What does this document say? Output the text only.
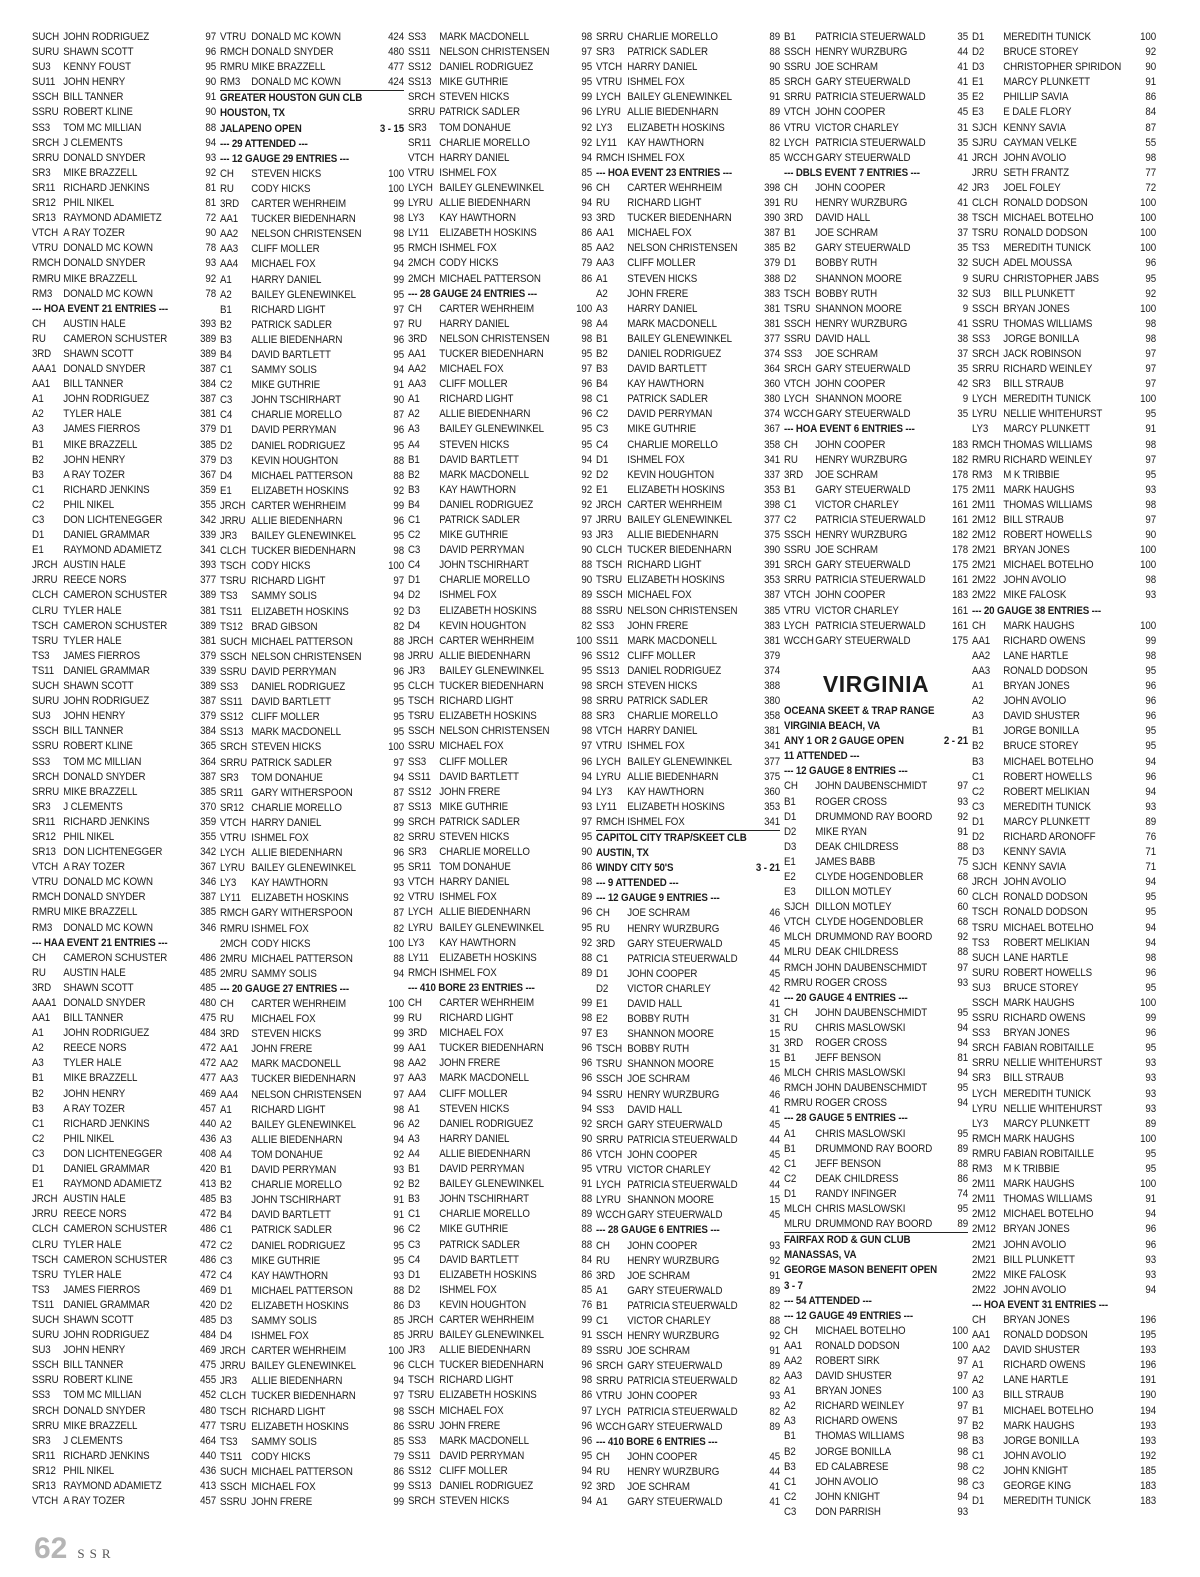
SUCH JOHN RODRIGUEZ	97
SURU SHAWN SCOTT	96
SU3	KENNY FOUST	95
SU11 JOHN HENRY	90
SSCH BILL TANNER	91
SSRU ROBERT KLINE	90
SS3	TOM MC MILLIAN	88
SRCH J CLEMENTS	94
SRRU DONALD SNYDER	93
SR3	MIKE BRAZZELL	92
SR11 RICHARD JENKINS	81
SR12 PHIL NIKEL	81
SR13 RAYMOND ADAMIETZ	72
VTCH A RAY TOZER	90
VTRU DONALD MC KOWN	78
RMCH DONALD SNYDER	93
RMRU MIKE BRAZZELL	92
RM3	DONALD MC KOWN	78
--- HOA EVENT 21 ENTRIES ---
CH	AUSTIN HALE	393
RU	CAMERON SCHUSTER	389
3RD	SHAWN SCOTT	389
AAA1 DONALD SNYDER	387
AA1	BILL TANNER	384
A1	JOHN RODRIGUEZ	387
A2	TYLER HALE	381
A3	JAMES FIERROS	379
B1	MIKE BRAZZELL	385
B2	JOHN HENRY	379
B3	A RAY TOZER	367
C1	RICHARD JENKINS	359
C2	PHIL NIKEL	355
C3	DON LICHTENEGGER	342
D1	DANIEL GRAMMAR	339
E1	RAYMOND ADAMIETZ	341
JRCH AUSTIN HALE	393
JRRU REECE NORS	377
CLCH CAMERON SCHUSTER	389
CLRU TYLER HALE	381
TSCH CAMERON SCHUSTER	389
TSRU TYLER HALE	381
TS3	JAMES FIERROS	379
TS11 DANIEL GRAMMAR	339
SUCH SHAWN SCOTT	389
SURU JOHN RODRIGUEZ	387
SU3	JOHN HENRY	379
SSCH BILL TANNER	384
SSRU ROBERT KLINE	365
SS3	TOM MC MILLIAN	364
SRCH DONALD SNYDER	387
SRRU MIKE BRAZZELL	385
SR3	J CLEMENTS	370
SR11 RICHARD JENKINS	359
SR12 PHIL NIKEL	355
SR13 DON LICHTENEGGER	342
VTCH A RAY TOZER	367
VTRU DONALD MC KOWN	346
RMCH DONALD SNYDER	387
RMRU MIKE BRAZZELL	385
RM3	DONALD MC KOWN	346
--- HAA EVENT 21 ENTRIES ---
CH	CAMERON SCHUSTER	486
RU	AUSTIN HALE	485
3RD	SHAWN SCOTT	485
AAA1 DONALD SNYDER	480
AA1	BILL TANNER	475
A1	JOHN RODRIGUEZ	484
A2	REECE NORS	472
A3	TYLER HALE	472
B1	MIKE BRAZZELL	477
B2	JOHN HENRY	469
B3	A RAY TOZER	457
C1	RICHARD JENKINS	440
C2	PHIL NIKEL	436
C3	DON LICHTENEGGER	408
D1	DANIEL GRAMMAR	420
E1	RAYMOND ADAMIETZ	413
JRCH AUSTIN HALE	485
JRRU REECE NORS	472
CLCH CAMERON SCHUSTER	486
CLRU TYLER HALE	472
TSCH CAMERON SCHUSTER	486
TSRU TYLER HALE	472
TS3	JAMES FIERROS	469
TS11 DANIEL GRAMMAR	420
SUCH SHAWN SCOTT	485
SURU JOHN RODRIGUEZ	484
SU3	JOHN HENRY	469
SSCH BILL TANNER	475
SSRU ROBERT KLINE	455
SS3	TOM MC MILLIAN	452
SRCH DONALD SNYDER	480
SRRU MIKE BRAZZELL	477
SR3	J CLEMENTS	464
SR11 RICHARD JENKINS	440
SR12 PHIL NIKEL	436
SR13 RAYMOND ADAMIETZ	413
VTCH A RAY TOZER	457
VTRU DONALD MC KOWN	424
RMCH DONALD SNYDER	480
RMRU MIKE BRAZZELL	477
RM3	DONALD MC KOWN	424
GREATER HOUSTON GUN CLB
HOUSTON, TX
JALAPENO OPEN	3 - 15
--- 29 ATTENDED ---
--- 12 GAUGE 29 ENTRIES ---
CH	STEVEN HICKS	100
RU	CODY HICKS	100
3RD	CARTER WEHRHEIM	99
AA1	TUCKER BIEDENHARN	98
AA2	NELSON CHRISTENSEN	98
AA3	CLIFF MOLLER	95
AA4	MICHAEL FOX	94
A1	HARRY DANIEL	99
A2	BAILEY GLENEWINKEL	95
B1	RICHARD LIGHT	97
B2	PATRICK SADLER	97
B3	ALLIE BIEDENHARN	96
B4	DAVID BARTLETT	95
C1	SAMMY SOLIS	94
C2	MIKE GUTHRIE	91
C3	JOHN TSCHIRHART	90
C4	CHARLIE MORELLO	87
D1	DAVID PERRYMAN	96
D2	DANIEL RODRIGUEZ	95
D3	KEVIN HOUGHTON	88
D4	MICHAEL PATTERSON	88
E1	ELIZABETH HOSKINS	92
JRCH CARTER WEHRHEIM	99
JRRU ALLIE BIEDENHARN	96
JR3	BAILEY GLENEWINKEL	95
CLCH TUCKER BIEDENHARN	98
TSCH CODY HICKS	100
TSRU RICHARD LIGHT	97
TS3	SAMMY SOLIS	94
TS11 ELIZABETH HOSKINS	92
TS12 BRAD GIBSON	82
SUCH MICHAEL PATTERSON	88
SSCH NELSON CHRISTENSEN	98
SSRU DAVID PERRYMAN	96
SS3	DANIEL RODRIGUEZ	95
SS11 DAVID BARTLETT	95
SS12 CLIFF MOLLER	95
SS13 MARK MACDONELL	95
SRCH STEVEN HICKS	100
SRRU PATRICK SADLER	97
SR3	TOM DONAHUE	94
SR11 GARY WITHERSPOON	87
SR12 CHARLIE MORELLO	87
VTCH HARRY DANIEL	99
VTRU ISHMEL FOX	82
LYCH ALLIE BIEDENHARN	96
LYRU BAILEY GLENEWINKEL	95
LY3	KAY HAWTHORN	93
LY11 ELIZABETH HOSKINS	92
RMCH GARY WITHERSPOON	87
RMRU ISHMEL FOX	82
2MCH CODY HICKS	100
2MRU MICHAEL PATTERSON	88
2MRU SAMMY SOLIS	94
--- 20 GAUGE 27 ENTRIES ---
CH	CARTER WEHRHEIM	100
RU	MICHAEL FOX	99
3RD	STEVEN HICKS	99
AA1	JOHN FRERE	99
AA2	MARK MACDONELL	98
AA3	TUCKER BIEDENHARN	97
AA4	NELSON CHRISTENSEN	97
A1	RICHARD LIGHT	98
A2	BAILEY GLENEWINKEL	96
A3	ALLIE BIEDENHARN	94
A4	TOM DONAHUE	92
B1	DAVID PERRYMAN	93
B2	CHARLIE MORELLO	92
B3	JOHN TSCHIRHART	91
B4	DAVID BARTLETT	91
C1	PATRICK SADLER	96
C2	DANIEL RODRIGUEZ	95
C3	MIKE GUTHRIE	95
C4	KAY HAWTHORN	93
D1	MICHAEL PATTERSON	88
D2	ELIZABETH HOSKINS	86
D3	SAMMY SOLIS	85
D4	ISHMEL FOX	85
JRCH CARTER WEHRHEIM	100
JRRU BAILEY GLENEWINKEL	96
JR3	ALLIE BIEDENHARN	94
CLCH TUCKER BIEDENHARN	97
TSCH RICHARD LIGHT	98
TSRU ELIZABETH HOSKINS	86
TS3	SAMMY SOLIS	85
TS11 CODY HICKS	79
SUCH MICHAEL PATTERSON	86
SSCH MICHAEL FOX	99
SSRU JOHN FRERE	99
SS3	MARK MACDONELL	98
SS11 NELSON CHRISTENSEN	97
SS12 DANIEL RODRIGUEZ	95
SS13 MIKE GUTHRIE	95
SRCH STEVEN HICKS	99
SRRU PATRICK SADLER	96
SR3	TOM DONAHUE	92
SR11 CHARLIE MORELLO	92
VTCH HARRY DANIEL	94
VTRU ISHMEL FOX	85
LYCH BAILEY GLENEWINKEL	96
LYRU ALLIE BIEDENHARN	94
LY3	KAY HAWTHORN	93
LY11 ELIZABETH HOSKINS	86
RMCH ISHMEL FOX	85
2MCH CODY HICKS	79
2MCH MICHAEL PATTERSON	86
--- 28 GAUGE 24 ENTRIES ---
CH	CARTER WEHRHEIM	100
RU	HARRY DANIEL	98
3RD	NELSON CHRISTENSEN	98
AA1	TUCKER BIEDENHARN	95
AA2	MICHAEL FOX	97
AA3	CLIFF MOLLER	96
A1	RICHARD LIGHT	98
A2	ALLIE BIEDENHARN	96
A3	BAILEY GLENEWINKEL	95
A4	STEVEN HICKS	95
B1	DAVID BARTLETT	94
B2	MARK MACDONELL	92
B3	KAY HAWTHORN	92
B4	DANIEL RODRIGUEZ	92
C1	PATRICK SADLER	97
C2	MIKE GUTHRIE	93
C3	DAVID PERRYMAN	90
C4	JOHN TSCHIRHART	88
D1	CHARLIE MORELLO	90
D2	ISHMEL FOX	89
D3	ELIZABETH HOSKINS	88
D4	KEVIN HOUGHTON	82
JRCH CARTER WEHRHEIM	100
JRRU ALLIE BIEDENHARN	96
JR3	BAILEY GLENEWINKEL	95
CLCH TUCKER BIEDENHARN	98
TSCH RICHARD LIGHT	98
TSRU ELIZABETH HOSKINS	88
SSCH NELSON CHRISTENSEN	98
SSRU MICHAEL FOX	97
SS3	CLIFF MOLLER	96
SS11 DAVID BARTLETT	94
SS12 JOHN FRERE	94
SS13 MIKE GUTHRIE	93
SRCH PATRICK SADLER	97
SRRU STEVEN HICKS	95
SR3	CHARLIE MORELLO	90
SR11 TOM DONAHUE	86
VTCH HARRY DANIEL	98
VTRU ISHMEL FOX	89
LYCH ALLIE BIEDENHARN	96
LYRU BAILEY GLENEWINKEL	95
LY3	KAY HAWTHORN	92
LY11 ELIZABETH HOSKINS	88
RMCH ISHMEL FOX	89
--- 410 BORE 23 ENTRIES ---
CH	CARTER WEHRHEIM	99
RU	RICHARD LIGHT	98
3RD	MICHAEL FOX	97
AA1	TUCKER BIEDENHARN	96
AA2	JOHN FRERE	96
AA3	MARK MACDONELL	96
AA4	CLIFF MOLLER	94
A1	STEVEN HICKS	94
A2	DANIEL RODRIGUEZ	92
A3	HARRY DANIEL	90
A4	ALLIE BIEDENHARN	86
B1	DAVID PERRYMAN	95
B2	BAILEY GLENEWINKEL	91
B3	JOHN TSCHIRHART	88
C1	CHARLIE MORELLO	89
C2	MIKE GUTHRIE	88
C3	PATRICK SADLER	88
C4	DAVID BARTLETT	84
D1	ELIZABETH HOSKINS	86
D2	ISHMEL FOX	85
D3	KEVIN HOUGHTON	76
JRCH CARTER WEHRHEIM	99
JRRU BAILEY GLENEWINKEL	91
JR3	ALLIE BIEDENHARN	89
CLCH TUCKER BIEDENHARN	96
TSCH RICHARD LIGHT	98
TSRU ELIZABETH HOSKINS	86
SSCH MICHAEL FOX	97
SSRU JOHN FRERE	96
SS3	MARK MACDONELL	96
SS11 DAVID PERRYMAN	95
SS12 CLIFF MOLLER	94
SS13 DANIEL RODRIGUEZ	92
SRCH STEVEN HICKS	94
SRRU CHARLIE MORELLO	89
SR3	PATRICK SADLER	88
VTCH HARRY DANIEL	90
VTRU ISHMEL FOX	85
LYCH BAILEY GLENEWINKEL	91
LYRU ALLIE BIEDENHARN	89
LY3	ELIZABETH HOSKINS	86
LY11 KAY HAWTHORN	82
RMCH ISHMEL FOX	85
--- HOA EVENT 23 ENTRIES ---
CH	CARTER WEHRHEIM	398
RU	RICHARD LIGHT	391
3RD	TUCKER BIEDENHARN	390
AA1	MICHAEL FOX	387
AA2	NELSON CHRISTENSEN	385
AA3	CLIFF MOLLER	379
A1	STEVEN HICKS	388
A2	JOHN FRERE	383
A3	HARRY DANIEL	381
A4	MARK MACDONELL	381
B1	BAILEY GLENEWINKEL	377
B2	DANIEL RODRIGUEZ	374
B3	DAVID BARTLETT	364
B4	KAY HAWTHORN	360
C1	PATRICK SADLER	380
C2	DAVID PERRYMAN	374
C3	MIKE GUTHRIE	367
C4	CHARLIE MORELLO	358
D1	ISHMEL FOX	341
D2	KEVIN HOUGHTON	337
E1	ELIZABETH HOSKINS	353
JRCH CARTER WEHRHEIM	398
JRRU BAILEY GLENEWINKEL	377
JR3	ALLIE BIEDENHARN	375
CLCH TUCKER BIEDENHARN	390
TSCH RICHARD LIGHT	391
TSRU ELIZABETH HOSKINS	353
SSCH MICHAEL FOX	387
SSRU NELSON CHRISTENSEN	385
SS3	JOHN FRERE	383
SS11 MARK MACDONELL	381
SS12 CLIFF MOLLER	379
SS13 DANIEL RODRIGUEZ	374
SRCH STEVEN HICKS	388
SRRU PATRICK SADLER	380
SR3	CHARLIE MORELLO	358
VTCH HARRY DANIEL	381
VTRU ISHMEL FOX	341
LYCH BAILEY GLENEWINKEL	377
LYRU ALLIE BIEDENHARN	375
LY3	KAY HAWTHORN	360
LY11 ELIZABETH HOSKINS	353
RMCH ISHMEL FOX	341
CAPITOL CITY TRAP/SKEET CLB
AUSTIN, TX
WINDY CITY 50'S	3 - 21
--- 9 ATTENDED ---
--- 12 GAUGE 9 ENTRIES ---
CH	JOE SCHRAM	46
RU	HENRY WURZBURG	46
3RD	GARY STEUERWALD	45
C1	PATRICIA STEUERWALD	44
D1	JOHN COOPER	45
D2	VICTOR CHARLEY	42
E1	DAVID HALL	41
E2	BOBBY RUTH	31
E3	SHANNON MOORE	15
TSCH BOBBY RUTH	31
TSRU SHANNON MOORE	15
SSCH JOE SCHRAM	46
SSRU HENRY WURZBURG	46
SS3	DAVID HALL	41
SRCH GARY STEUERWALD	45
SRRU PATRICIA STEUERWALD	44
VTCH JOHN COOPER	45
VTRU VICTOR CHARLEY	42
LYCH PATRICIA STEUERWALD	44
LYRU SHANNON MOORE	15
WCCH GARY STEUERWALD	45
--- 28 GAUGE 6 ENTRIES ---
CH	JOHN COOPER	93
RU	HENRY WURZBURG	92
3RD	JOE SCHRAM	91
A1	GARY STEUERWALD	89
B1	PATRICIA STEUERWALD	82
C1	VICTOR CHARLEY	88
SSCH HENRY WURZBURG	92
SSRU JOE SCHRAM	91
SRCH GARY STEUERWALD	89
SRRU PATRICIA STEUERWALD	82
VTRU JOHN COOPER	93
LYCH PATRICIA STEUERWALD	82
WCCH GARY STEUERWALD	89
--- 410 BORE 6 ENTRIES ---
CH	JOHN COOPER	45
RU	HENRY WURZBURG	44
3RD	JOE SCHRAM	41
A1	GARY STEUERWALD	41
B1	PATRICIA STEUERWALD	35
SSCH HENRY WURZBURG	44
SSRU JOE SCHRAM	41
SRCH GARY STEUERWALD	41
SRRU PATRICIA STEUERWALD	35
VTCH JOHN COOPER	45
VTRU VICTOR CHARLEY	31
LYCH PATRICIA STEUERWALD	35
WCCH GARY STEUERWALD	41
--- DBLS EVENT 7 ENTRIES ---
CH	JOHN COOPER	42
RU	HENRY WURZBURG	41
3RD	DAVID HALL	38
B1	JOE SCHRAM	37
B2	GARY STEUERWALD	35
D1	BOBBY RUTH	32
D2	SHANNON MOORE	9
TSCH BOBBY RUTH	32
TSRU SHANNON MOORE	9
SSCH HENRY WURZBURG	41
SSRU DAVID HALL	38
SS3	JOE SCHRAM	37
SRCH GARY STEUERWALD	35
VTCH JOHN COOPER	42
LYCH SHANNON MOORE	9
WCCH GARY STEUERWALD	35
--- HOA EVENT 6 ENTRIES ---
CH	JOHN COOPER	183
RU	HENRY WURZBURG	182
3RD	JOE SCHRAM	178
B1	GARY STEUERWALD	175
C1	VICTOR CHARLEY	161
C2	PATRICIA STEUERWALD	161
SSCH HENRY WURZBURG	182
SSRU JOE SCHRAM	178
SRCH GARY STEUERWALD	175
SRRU PATRICIA STEUERWALD	161
VTCH JOHN COOPER	183
VTRU VICTOR CHARLEY	161
LYCH PATRICIA STEUERWALD	161
WCCH GARY STEUERWALD	175
VIRGINIA
OCEANA SKEET & TRAP RANGE
VIRGINIA BEACH, VA
ANY 1 OR 2 GAUGE OPEN	2 - 21
11 ATTENDED ---
--- 12 GAUGE 8 ENTRIES ---
CH	JOHN DAUBENSCHMIDT	97
B1	ROGER CROSS	93
D1	DRUMMOND RAY BOORD	92
D2	MIKE RYAN	91
D3	DEAK CHILDRESS	88
E1	JAMES BABB	75
E2	CLYDE HOGENDOBLER	68
E3	DILLON MOTLEY	60
SJCH DILLON MOTLEY	60
VTCH CLYDE HOGENDOBLER	68
MLCH DRUMMOND RAY BOORD	92
MLRU DEAK CHILDRESS	88
RMCH JOHN DAUBENSCHMIDT	97
RMRU ROGER CROSS	93
--- 20 GAUGE 4 ENTRIES ---
CH	JOHN DAUBENSCHMIDT	95
RU	CHRIS MASLOWSKI	94
3RD	ROGER CROSS	94
B1	JEFF BENSON	81
MLCH CHRIS MASLOWSKI	94
RMCH JOHN DAUBENSCHMIDT	95
RMRU ROGER CROSS	94
--- 28 GAUGE 5 ENTRIES ---
A1	CHRIS MASLOWSKI	95
B1	DRUMMOND RAY BOORD	89
C1	JEFF BENSON	88
C2	DEAK CHILDRESS	86
D1	RANDY INFINGER	74
MLCH CHRIS MASLOWSKI	95
MLRU DRUMMOND RAY BOORD	89
FAIRFAX ROD & GUN CLUB
MANASSAS, VA
GEORGE MASON BENEFIT OPEN
3 - 7
--- 54 ATTENDED ---
--- 12 GAUGE 49 ENTRIES ---
CH	MICHAEL BOTELHO	100
AA1	RONALD DODSON	100
AA2	ROBERT SIRK	97
AA3	DAVID SHUSTER	97
A1	BRYAN JONES	100
A2	RICHARD WEINLEY	97
A3	RICHARD OWENS	97
B1	THOMAS WILLIAMS	98
B2	JORGE BONILLA	98
B3	ED CALABRESE	98
C1	JOHN AVOLIO	98
C2	JOHN KNIGHT	94
C3	DON PARRISH	93
D1	MEREDITH TUNICK	100
D2	BRUCE STOREY	92
D3	CHRISTOPHER SPIRIDON	90
E1	MARCY PLUNKETT	91
E2	PHILLIP SAVIA	86
E3	E DALE FLORY	84
SJCH KENNY SAVIA	87
SJRU CAYMAN VELKE	55
JRCH JOHN AVOLIO	98
JRRU SETH FRANTZ	77
JR3	JOEL FOLEY	72
CLCH RONALD DODSON	100
TSCH MICHAEL BOTELHO	100
TSRU RONALD DODSON	100
TS3	MEREDITH TUNICK	100
SUCH ADEL MOUSSA	96
SURU CHRISTOPHER JABS	95
SU3	BILL PLUNKETT	92
SSCH BRYAN JONES	100
SSRU THOMAS WILLIAMS	98
SS3	JORGE BONILLA	98
SRCH JACK ROBINSON	97
SRRU RICHARD WEINLEY	97
SR3	BILL STRAUB	97
LYCH MEREDITH TUNICK	100
LYRU NELLIE WHITEHURST	95
LY3	MARCY PLUNKETT	91
RMCH THOMAS WILLIAMS	98
RMRU RICHARD WEINLEY	97
RM3	M K TRIBBIE	95
2M11 MARK HAUGHS	93
2M11 THOMAS WILLIAMS	98
2M12 BILL STRAUB	97
2M12 ROBERT HOWELLS	90
2M21 BRYAN JONES	100
2M21 MICHAEL BOTELHO	100
2M22 JOHN AVOLIO	98
2M22 MIKE FALOSK	93
--- 20 GAUGE 38 ENTRIES ---
CH	MARK HAUGHS	100
AA1	RICHARD OWENS	99
AA2	LANE HARTLE	98
AA3	RONALD DODSON	95
A1	BRYAN JONES	96
A2	JOHN AVOLIO	96
A3	DAVID SHUSTER	96
B1	JORGE BONILLA	95
B2	BRUCE STOREY	95
B3	MICHAEL BOTELHO	94
C1	ROBERT HOWELLS	96
C2	ROBERT MELIKIAN	94
C3	MEREDITH TUNICK	93
D1	MARCY PLUNKETT	89
D2	RICHARD ARONOFF	76
D3	KENNY SAVIA	71
SJCH KENNY SAVIA	71
JRCH JOHN AVOLIO	94
CLCH RONALD DODSON	95
TSCH RONALD DODSON	95
TSRU MICHAEL BOTELHO	94
TS3	ROBERT MELIKIAN	94
SUCH LANE HARTLE	98
SURU ROBERT HOWELLS	96
SU3	BRUCE STOREY	95
SSCH MARK HAUGHS	100
SSRU RICHARD OWENS	99
SS3	BRYAN JONES	96
SRCH FABIAN ROBITAILLE	95
SRRU NELLIE WHITEHURST	93
SR3	BILL STRAUB	93
LYCH MEREDITH TUNICK	93
LYRU NELLIE WHITEHURST	93
LY3	MARCY PLUNKETT	89
RMCH MARK HAUGHS	100
RMRU FABIAN ROBITAILLE	95
RM3	M K TRIBBIE	95
2M11 MARK HAUGHS	100
2M11 THOMAS WILLIAMS	91
2M12 MICHAEL BOTELHO	94
2M12 BRYAN JONES	96
2M21 JOHN AVOLIO	96
2M21 BILL PLUNKETT	93
2M22 MIKE FALOSK	93
2M22 JOHN AVOLIO	94
--- HOA EVENT 31 ENTRIES ---
CH	BRYAN JONES	196
AA1	RONALD DODSON	195
AA2	DAVID SHUSTER	193
A1	RICHARD OWENS	196
A2	LANE HARTLE	191
A3	BILL STRAUB	190
B1	MICHAEL BOTELHO	194
B2	MARK HAUGHS	193
B3	JORGE BONILLA	193
C1	JOHN AVOLIO	192
C2	JOHN KNIGHT	185
C3	GEORGE KING	183
D1	MEREDITH TUNICK	183
62 SSR
